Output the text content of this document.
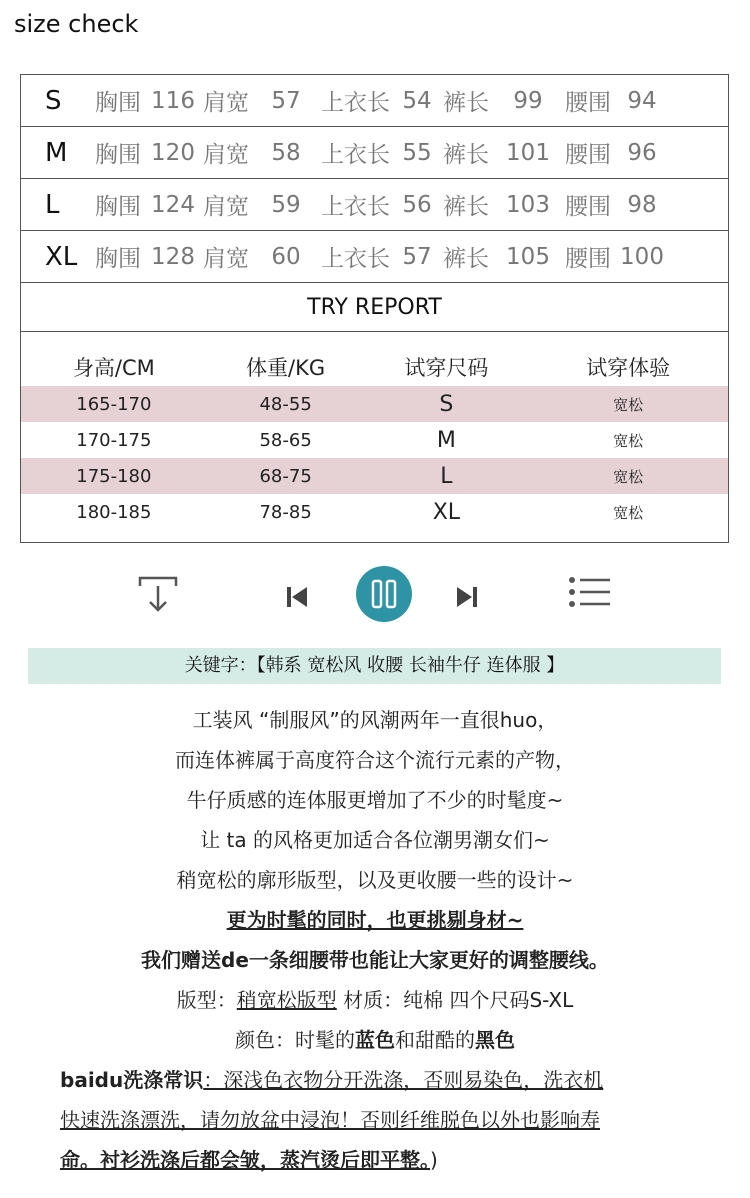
size check
S	胸围 116 肩宽 57 上衣长 54 裤长	99 腰围 94
M	胸围 120 肩宽 58 上衣长 55 裤长 101 腰围 96
L	胸围 124 肩宽 59 上衣长 56 裤长 103 腰围 98
XL 胸围 128 肩宽 60 上衣长 57 裤长 105 腰围 100
TRY REPORT
身高/CM	体重/KG	试穿尺码	试穿体验
165-170	48-55	S	宽松
170-175	58-65	M	宽松
175-180	68-75	L	宽松
180-185	78-85	XL	宽松
关键字：【韩系 宽松风 收腰 长袖牛仔 连体服 】
工装风 “制服风”的风潮两年一直很huo，
而连体裤属于高度符合这个流行元素的产物，
牛仔质感的连体服更增加了不少的时髦度~
让 ta 的风格更加适合各位潮男潮女们~
稍宽松的廓形版型，以及更收腰一些的设计~
更为时髦的同时，也更挑剔身材~
我们赠送de一条细腰带也能让大家更好的调整腰线。
版型：稍宽松版型 材质：纯棉 四个尺码S-XL
颜色：时髦的蓝色和甜酷的黑色
baidu洗涤常识：深浅色衣物分开洗涤，否则易染色，洗衣机
快速洗涤漂洗，请勿放盆中浸泡！否则纤维脱色以外也影响寿
命。衬衫洗涤后都会皱，蒸汽烫后即平整。)
